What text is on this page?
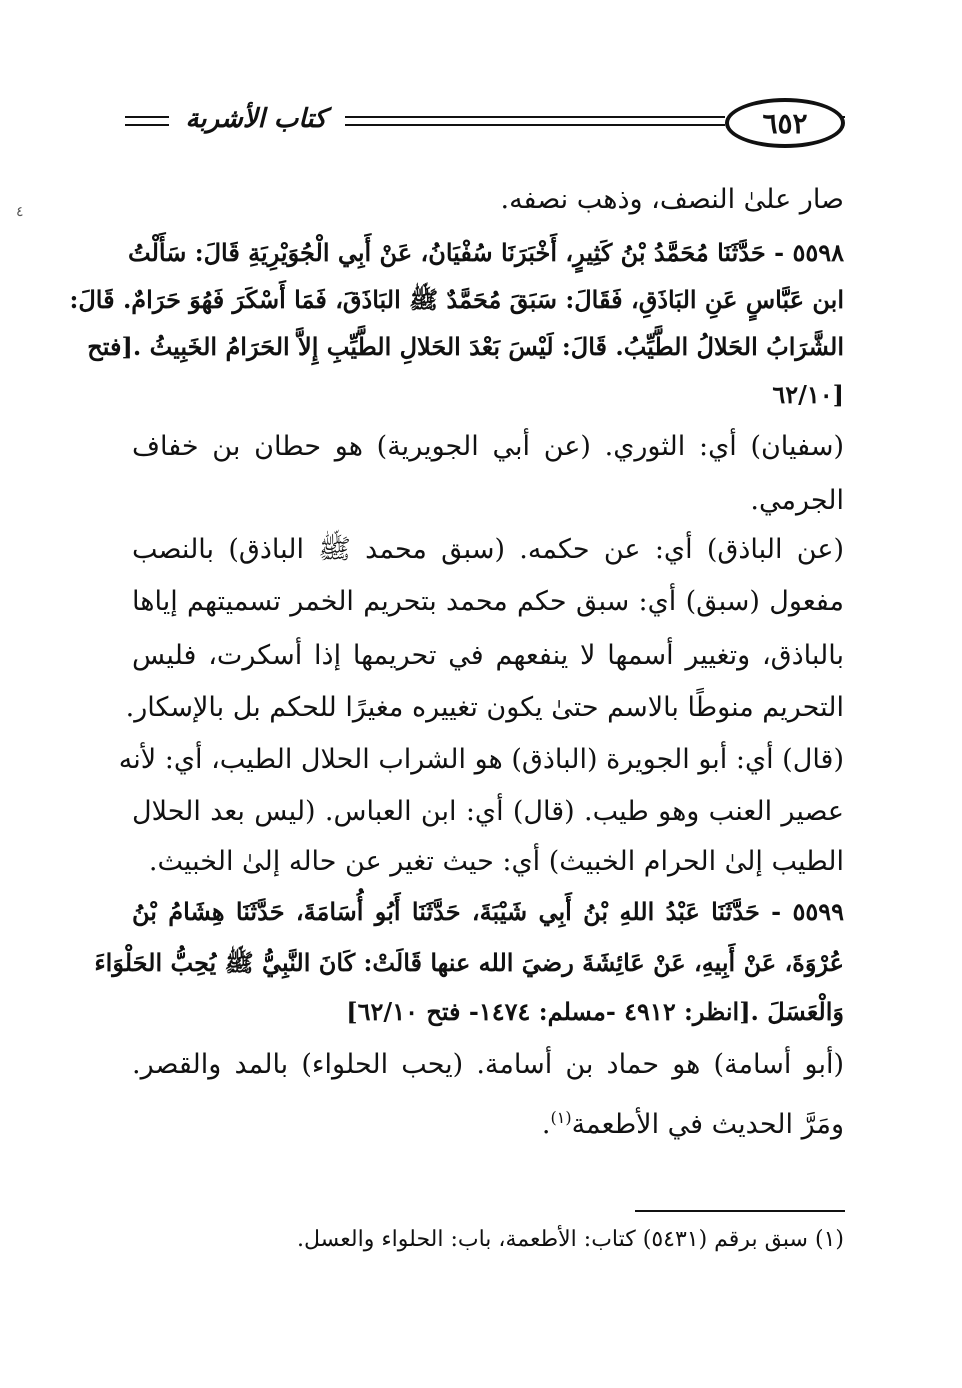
كتاب الأشربة	٦٥٢
٤	صار علىٰ النصف، وذهب نصفه.
٥٥٩٨ - حَدَّثَنَا مُحَمَّدُ بْنُ كَثِيرٍ، أَخْبَرَنَا سُفْيَانُ، عَنْ أَبِي الْجُوَيْرِيَةِ قَالَ: سَأَلْتُ
ابن عَبَّاسٍ عَنِ البَاذَقِ، فَقَالَ: سَبَقَ مُحَمَّدٌ ﷺ البَاذَقَ، فَمَا أَسْكَرَ فَهُوَ حَرَامٌ. قَالَ:
الشَّرَابُ الحَلالُ الطَّيِّبُ. قَالَ: لَيْسَ بَعْدَ الحَلالِ الطَّيِّبِ إِلاَّ الحَرَامُ الخَبِيثُ .[فتح
[٦٢/١٠
(سفيان) أي: الثوري. (عن أبي الجويرية) هو حطان بن خفاف
الجرمي.
(عن الباذق) أي: عن حكمه. (سبق محمد ﷺ الباذق) بالنصب
مفعول (سبق) أي: سبق حكم محمد بتحريم الخمر تسميتهم إياها
بالباذق، وتغيير أسمها لا ينفعهم في تحريمها إذا أسكرت، فليس
التحريم منوطًا بالاسم حتىٰ يكون تغييره مغيرًا للحكم بل بالإسكار.
(قال) أي: أبو الجويرة (الباذق) هو الشراب الحلال الطيب، أي: لأنه
عصير العنب وهو طيب. (قال) أي: ابن العباس. (ليس بعد الحلال
الطيب إلىٰ الحرام الخبيث) أي: حيث تغير عن حاله إلىٰ الخبيث.
٥٥٩٩ - حَدَّثَنَا عَبْدُ اللهِ بْنُ أَبِي شَيْبَةَ، حَدَّثَنَا أَبُو أُسَامَةَ، حَدَّثَنَا هِشَامُ بْنُ
عُرْوَةَ، عَنْ أَبِيهِ، عَنْ عَائِشَةَ رضيَ الله عنها قَالَتْ: كَانَ النَّبِيُّ ﷺ يُحِبُّ الحَلْوَاءَ
وَالْعَسَلَ .[انظر: ٤٩١٢ -مسلم: ١٤٧٤- فتح ٦٢/١٠]
(أبو أسامة) هو حماد بن أسامة. (يحب الحلواء) بالمد والقصر.
ومَرَّ الحديث في الأطعمة$^{(١)}$.
(١) سبق برقم (٥٤٣١) كتاب: الأطعمة، باب: الحلواء والعسل.
